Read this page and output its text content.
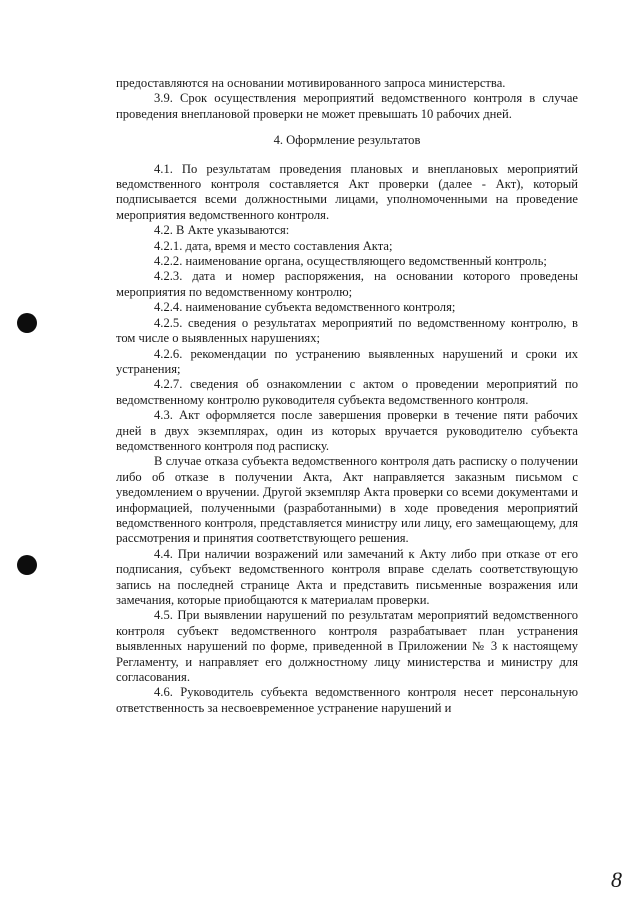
предоставляются на основании мотивированного запроса министерства.

3.9. Срок осуществления мероприятий ведомственного контроля в случае проведения внеплановой проверки не может превышать 10 рабочих дней.

4. Оформление результатов

4.1. По результатам проведения плановых и внеплановых мероприятий ведомственного контроля составляется Акт проверки (далее - Акт), который подписывается всеми должностными лицами, уполномоченными на проведение мероприятия ведомственного контроля.

4.2. В Акте указываются:

4.2.1. дата, время и место составления Акта;

4.2.2. наименование органа, осуществляющего ведомственный контроль;

4.2.3. дата и номер распоряжения, на основании которого проведены мероприятия по ведомственному контролю;

4.2.4. наименование субъекта ведомственного контроля;

4.2.5. сведения о результатах мероприятий по ведомственному контролю, в том числе о выявленных нарушениях;

4.2.6. рекомендации по устранению выявленных нарушений и сроки их устранения;

4.2.7. сведения об ознакомлении с актом о проведении мероприятий по ведомственному контролю руководителя субъекта ведомственного контроля.

4.3. Акт оформляется после завершения проверки в течение пяти рабочих дней в двух экземплярах, один из которых вручается руководителю субъекта ведомственного контроля под расписку.

В случае отказа субъекта ведомственного контроля дать расписку о получении либо об отказе в получении Акта, Акт направляется заказным письмом с уведомлением о вручении. Другой экземпляр Акта проверки со всеми документами и информацией, полученными (разработанными) в ходе проведения мероприятий ведомственного контроля, представляется министру или лицу, его замещающему, для рассмотрения и принятия соответствующего решения.

4.4. При наличии возражений или замечаний к Акту либо при отказе от его подписания, субъект ведомственного контроля вправе сделать соответствующую запись на последней странице Акта и представить письменные возражения или замечания, которые приобщаются к материалам проверки.

4.5. При выявлении нарушений по результатам мероприятий ведомственного контроля субъект ведомственного контроля разрабатывает план устранения выявленных нарушений по форме, приведенной в Приложении № 3 к настоящему Регламенту, и направляет его должностному лицу министерства и министру для согласования.

4.6. Руководитель субъекта ведомственного контроля несет персональную ответственность за несвоевременное устранение нарушений и

8
